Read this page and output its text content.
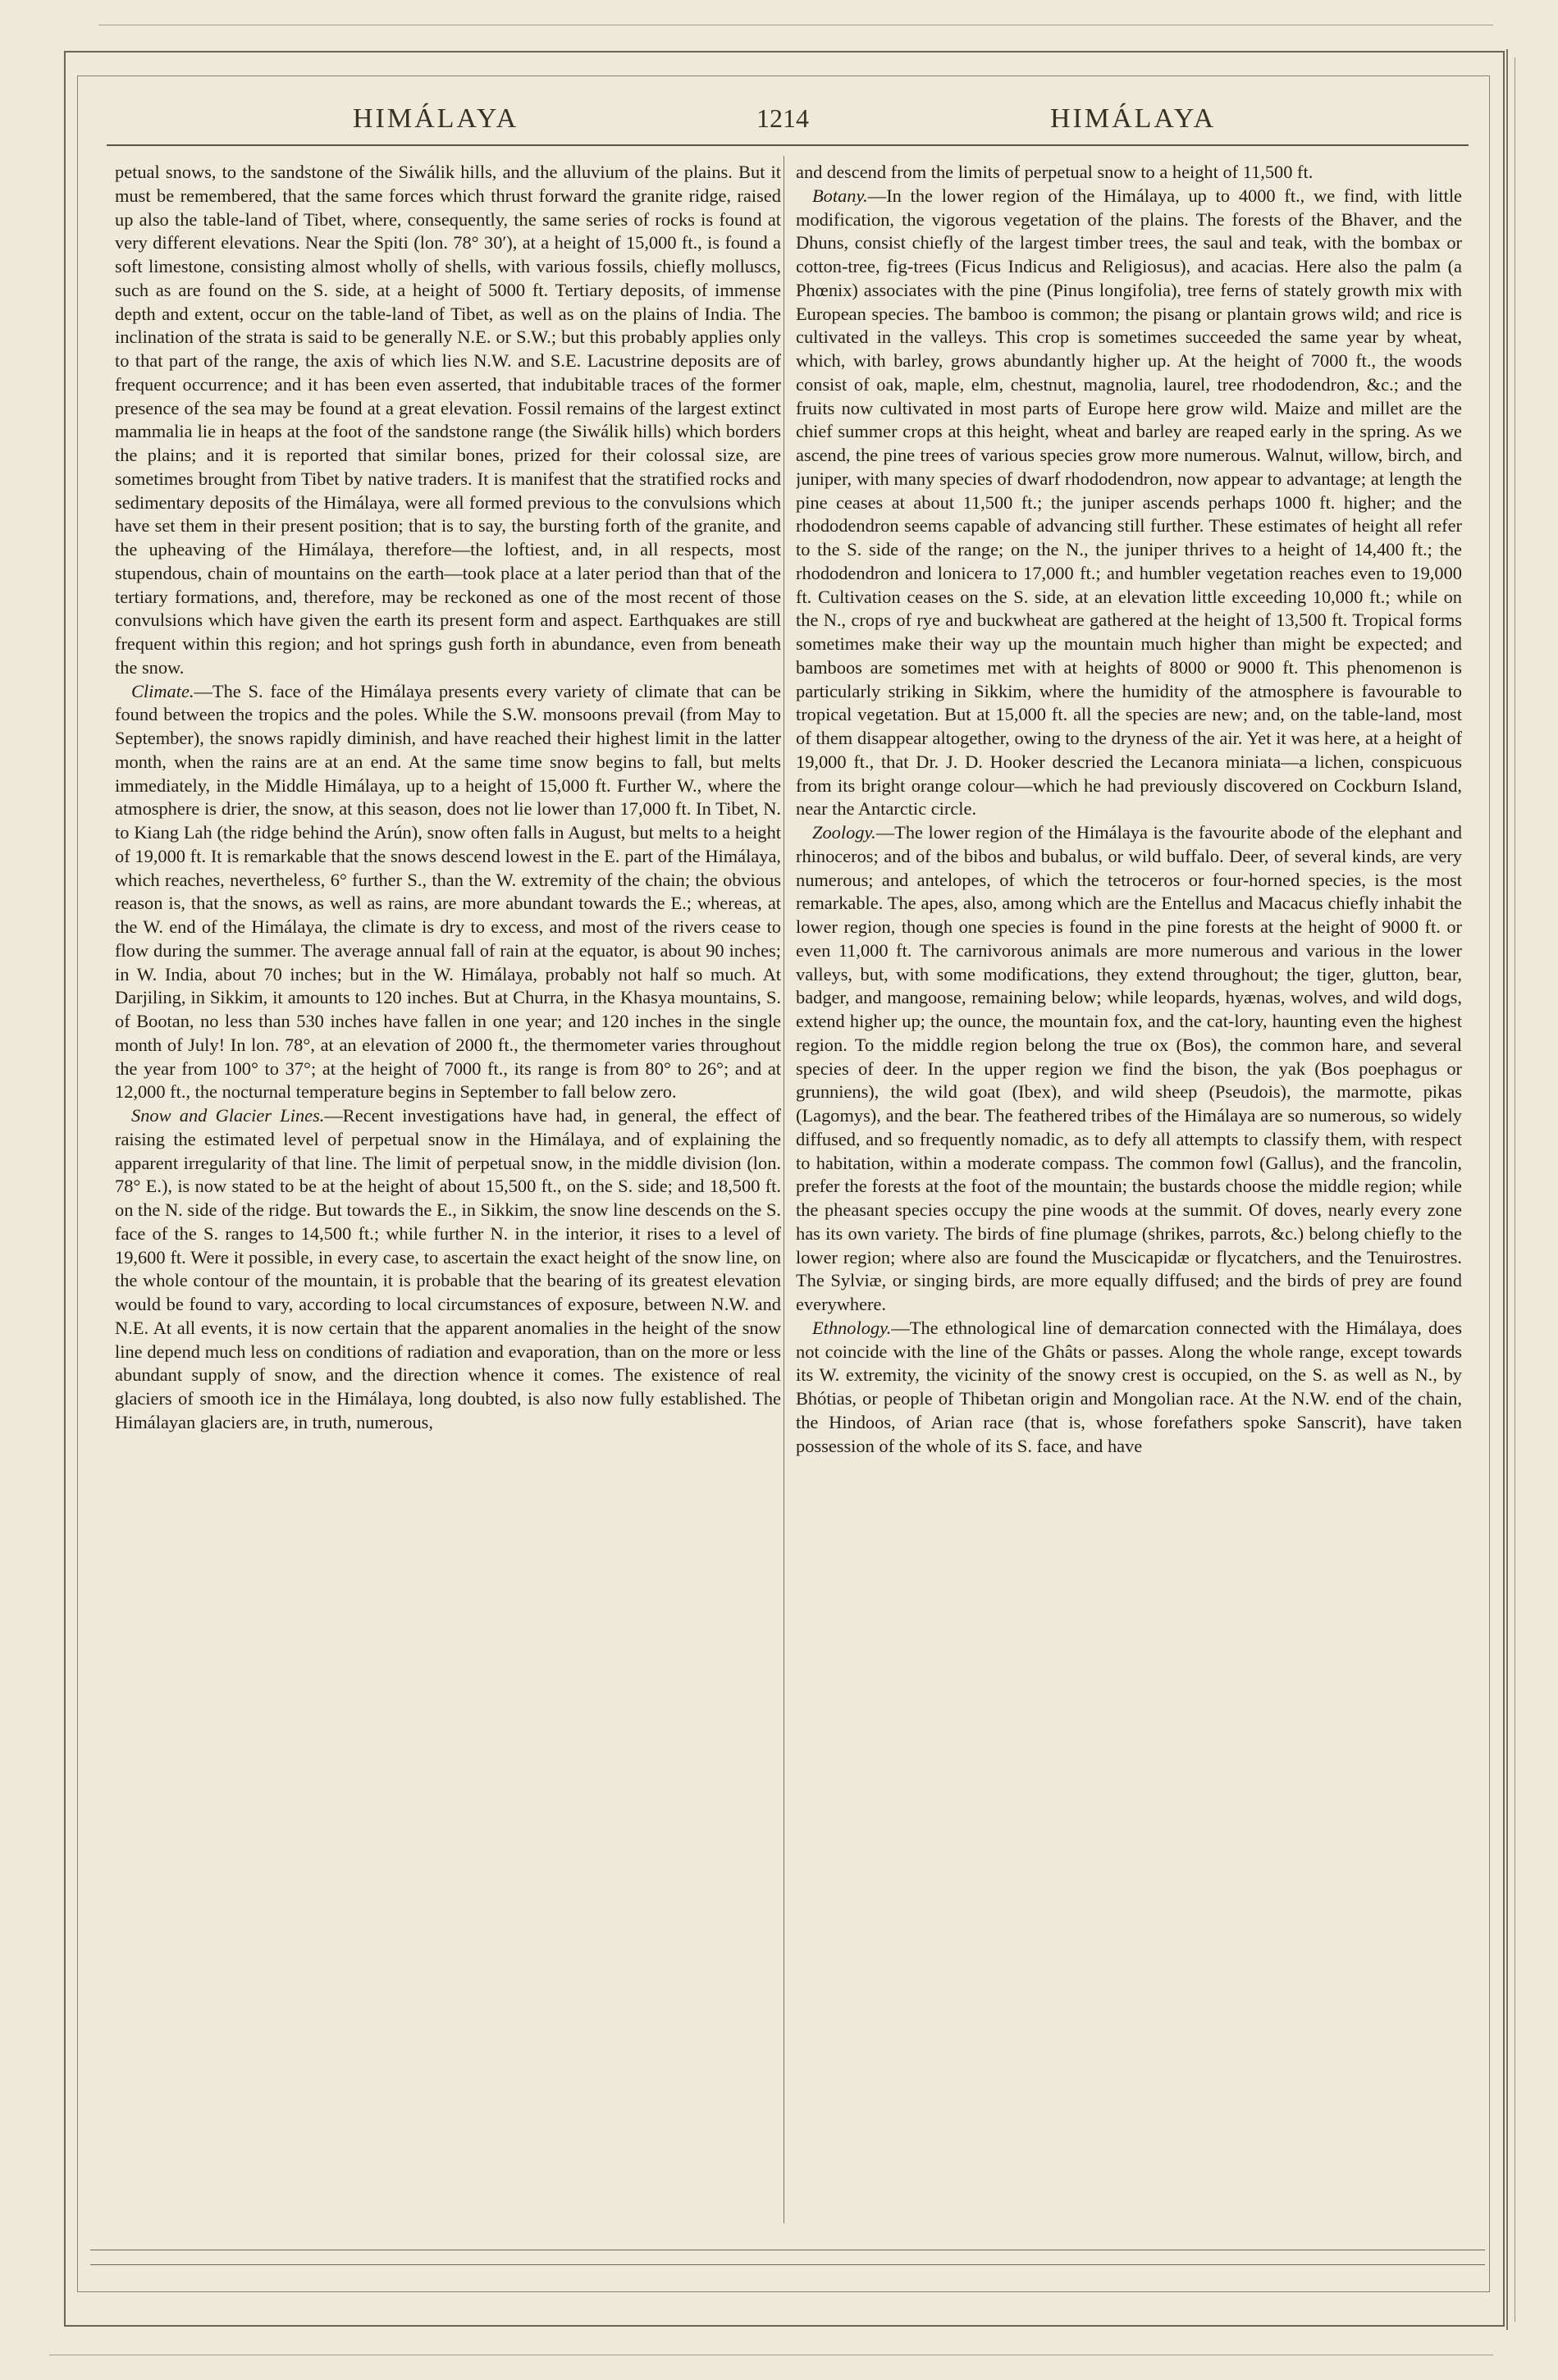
HIMÁLAYA	1214	HIMÁLAYA

petual snows, to the sandstone of the Siwálik hills, and the alluvium of the plains. But it must be remembered, that the same forces which thrust forward the granite ridge, raised up also the table-land of Tibet, where, consequently, the same series of rocks is found at very different elevations. Near the Spiti (lon. 78° 30′), at a height of 15,000 ft., is found a soft limestone, consisting almost wholly of shells, with various fossils, chiefly molluscs, such as are found on the S. side, at a height of 5000 ft. Tertiary deposits, of immense depth and extent, occur on the table-land of Tibet, as well as on the plains of India. The inclination of the strata is said to be generally N.E. or S.W.; but this probably applies only to that part of the range, the axis of which lies N.W. and S.E. Lacustrine deposits are of frequent occurrence; and it has been even asserted, that indubitable traces of the former presence of the sea may be found at a great elevation. Fossil remains of the largest extinct mammalia lie in heaps at the foot of the sandstone range (the Siwálik hills) which borders the plains; and it is reported that similar bones, prized for their colossal size, are sometimes brought from Tibet by native traders. It is manifest that the stratified rocks and sedimentary deposits of the Himálaya, were all formed previous to the convulsions which have set them in their present position; that is to say, the bursting forth of the granite, and the upheaving of the Himálaya, therefore—the loftiest, and, in all respects, most stupendous, chain of mountains on the earth—took place at a later period than that of the tertiary formations, and, therefore, may be reckoned as one of the most recent of those convulsions which have given the earth its present form and aspect. Earthquakes are still frequent within this region; and hot springs gush forth in abundance, even from beneath the snow.

Climate.—The S. face of the Himálaya presents every variety of climate that can be found between the tropics and the poles. While the S.W. monsoons prevail (from May to September), the snows rapidly diminish, and have reached their highest limit in the latter month, when the rains are at an end. At the same time snow begins to fall, but melts immediately, in the Middle Himálaya, up to a height of 15,000 ft. Further W., where the atmosphere is drier, the snow, at this season, does not lie lower than 17,000 ft. In Tibet, N. to Kiang Lah (the ridge behind the Arún), snow often falls in August, but melts to a height of 19,000 ft. It is remarkable that the snows descend lowest in the E. part of the Himálaya, which reaches, nevertheless, 6° further S., than the W. extremity of the chain; the obvious reason is, that the snows, as well as rains, are more abundant towards the E.; whereas, at the W. end of the Himálaya, the climate is dry to excess, and most of the rivers cease to flow during the summer. The average annual fall of rain at the equator, is about 90 inches; in W. India, about 70 inches; but in the W. Himálaya, probably not half so much. At Darjiling, in Sikkim, it amounts to 120 inches. But at Churra, in the Khasya mountains, S. of Bootan, no less than 530 inches have fallen in one year; and 120 inches in the single month of July! In lon. 78°, at an elevation of 2000 ft., the thermometer varies throughout the year from 100° to 37°; at the height of 7000 ft., its range is from 80° to 26°; and at 12,000 ft., the nocturnal temperature begins in September to fall below zero.

Snow and Glacier Lines.—Recent investigations have had, in general, the effect of raising the estimated level of perpetual snow in the Himálaya, and of explaining the apparent irregularity of that line. The limit of perpetual snow, in the middle division (lon. 78° E.), is now stated to be at the height of about 15,500 ft., on the S. side; and 18,500 ft. on the N. side of the ridge. But towards the E., in Sikkim, the snow line descends on the S. face of the S. ranges to 14,500 ft.; while further N. in the interior, it rises to a level of 19,600 ft. Were it possible, in every case, to ascertain the exact height of the snow line, on the whole contour of the mountain, it is probable that the bearing of its greatest elevation would be found to vary, according to local circumstances of exposure, between N.W. and N.E. At all events, it is now certain that the apparent anomalies in the height of the snow line depend much less on conditions of radiation and evaporation, than on the more or less abundant supply of snow, and the direction whence it comes. The existence of real glaciers of smooth ice in the Himálaya, long doubted, is also now fully established. The Himálayan glaciers are, in truth, numerous,

and descend from the limits of perpetual snow to a height of 11,500 ft.

Botany.—In the lower region of the Himálaya, up to 4000 ft., we find, with little modification, the vigorous vegetation of the plains. The forests of the Bhaver, and the Dhuns, consist chiefly of the largest timber trees, the saul and teak, with the bombax or cotton-tree, fig-trees (Ficus Indicus and Religiosus), and acacias. Here also the palm (a Phœnix) associates with the pine (Pinus longifolia), tree ferns of stately growth mix with European species. The bamboo is common; the pisang or plantain grows wild; and rice is cultivated in the valleys. This crop is sometimes succeeded the same year by wheat, which, with barley, grows abundantly higher up. At the height of 7000 ft., the woods consist of oak, maple, elm, chestnut, magnolia, laurel, tree rhododendron, &c.; and the fruits now cultivated in most parts of Europe here grow wild. Maize and millet are the chief summer crops at this height, wheat and barley are reaped early in the spring. As we ascend, the pine trees of various species grow more numerous. Walnut, willow, birch, and juniper, with many species of dwarf rhododendron, now appear to advantage; at length the pine ceases at about 11,500 ft.; the juniper ascends perhaps 1000 ft. higher; and the rhododendron seems capable of advancing still further. These estimates of height all refer to the S. side of the range; on the N., the juniper thrives to a height of 14,400 ft.; the rhododendron and lonicera to 17,000 ft.; and humbler vegetation reaches even to 19,000 ft. Cultivation ceases on the S. side, at an elevation little exceeding 10,000 ft.; while on the N., crops of rye and buckwheat are gathered at the height of 13,500 ft. Tropical forms sometimes make their way up the mountain much higher than might be expected; and bamboos are sometimes met with at heights of 8000 or 9000 ft. This phenomenon is particularly striking in Sikkim, where the humidity of the atmosphere is favourable to tropical vegetation. But at 15,000 ft. all the species are new; and, on the table-land, most of them disappear altogether, owing to the dryness of the air. Yet it was here, at a height of 19,000 ft., that Dr. J. D. Hooker descried the Lecanora miniata—a lichen, conspicuous from its bright orange colour—which he had previously discovered on Cockburn Island, near the Antarctic circle.

Zoology.—The lower region of the Himálaya is the favourite abode of the elephant and rhinoceros; and of the bibos and bubalus, or wild buffalo. Deer, of several kinds, are very numerous; and antelopes, of which the tetroceros or four-horned species, is the most remarkable. The apes, also, among which are the Entellus and Macacus chiefly inhabit the lower region, though one species is found in the pine forests at the height of 9000 ft. or even 11,000 ft. The carnivorous animals are more numerous and various in the lower valleys, but, with some modifications, they extend throughout; the tiger, glutton, bear, badger, and mangoose, remaining below; while leopards, hyænas, wolves, and wild dogs, extend higher up; the ounce, the mountain fox, and the cat-lory, haunting even the highest region. To the middle region belong the true ox (Bos), the common hare, and several species of deer. In the upper region we find the bison, the yak (Bos poephagus or grunniens), the wild goat (Ibex), and wild sheep (Pseudois), the marmotte, pikas (Lagomys), and the bear. The feathered tribes of the Himálaya are so numerous, so widely diffused, and so frequently nomadic, as to defy all attempts to classify them, with respect to habitation, within a moderate compass. The common fowl (Gallus), and the francolin, prefer the forests at the foot of the mountain; the bustards choose the middle region; while the pheasant species occupy the pine woods at the summit. Of doves, nearly every zone has its own variety. The birds of fine plumage (shrikes, parrots, &c.) belong chiefly to the lower region; where also are found the Muscicapidæ or flycatchers, and the Tenuirostres. The Sylviæ, or singing birds, are more equally diffused; and the birds of prey are found everywhere.

Ethnology.—The ethnological line of demarcation connected with the Himálaya, does not coincide with the line of the Ghâts or passes. Along the whole range, except towards its W. extremity, the vicinity of the snowy crest is occupied, on the S. as well as N., by Bhótias, or people of Thibetan origin and Mongolian race. At the N.W. end of the chain, the Hindoos, of Arian race (that is, whose forefathers spoke Sanscrit), have taken possession of the whole of its S. face, and have
